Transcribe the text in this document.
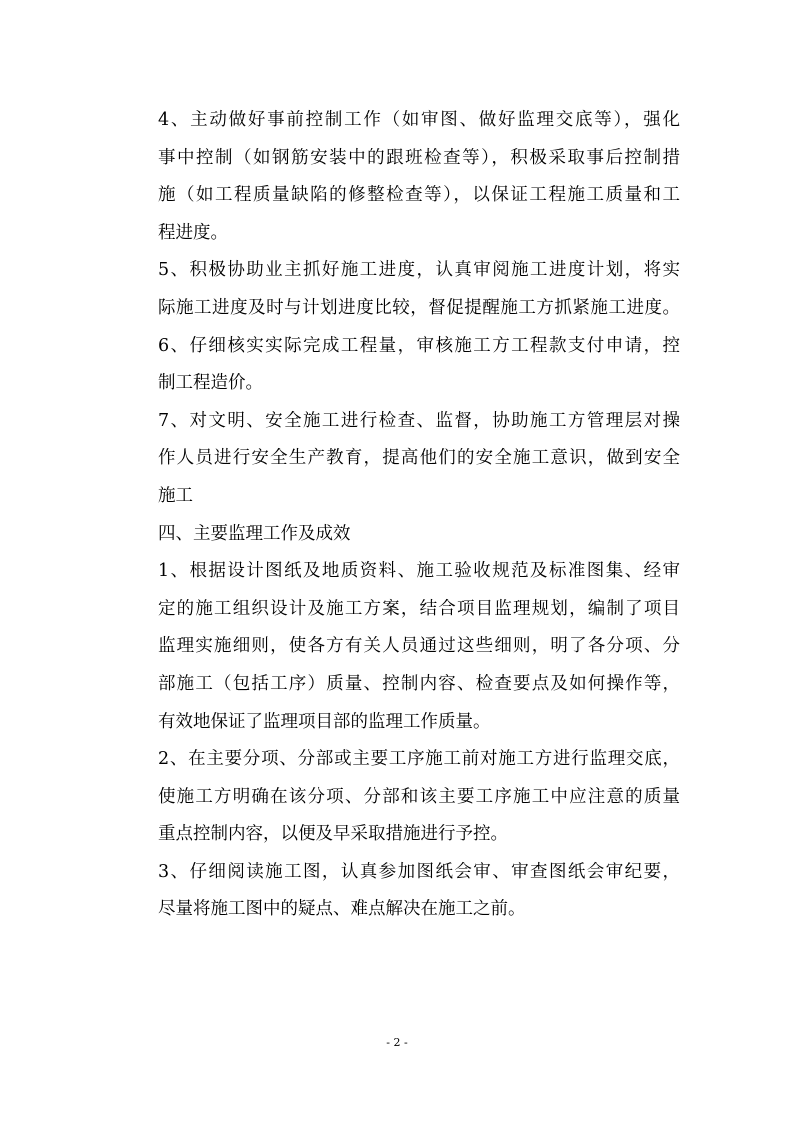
4、主动做好事前控制工作（如审图、做好监理交底等），强化
事中控制（如钢筋安装中的跟班检查等），积极采取事后控制措
施（如工程质量缺陷的修整检查等），以保证工程施工质量和工
程进度。

5、积极协助业主抓好施工进度，认真审阅施工进度计划，将实
际施工进度及时与计划进度比较，督促提醒施工方抓紧施工进度。

6、仔细核实实际完成工程量，审核施工方工程款支付申请，控
制工程造价。

7、对文明、安全施工进行检查、监督，协助施工方管理层对操
作人员进行安全生产教育，提高他们的安全施工意识，做到安全
施工

四、主要监理工作及成效

1、根据设计图纸及地质资料、施工验收规范及标准图集、经审
定的施工组织设计及施工方案，结合项目监理规划，编制了项目
监理实施细则，使各方有关人员通过这些细则，明了各分项、分
部施工（包括工序）质量、控制内容、检查要点及如何操作等，
有效地保证了监理项目部的监理工作质量。

2、在主要分项、分部或主要工序施工前对施工方进行监理交底，
使施工方明确在该分项、分部和该主要工序施工中应注意的质量
重点控制内容，以便及早采取措施进行予控。

3、仔细阅读施工图，认真参加图纸会审、审查图纸会审纪要，
尽量将施工图中的疑点、难点解决在施工之前。

- 2 -
